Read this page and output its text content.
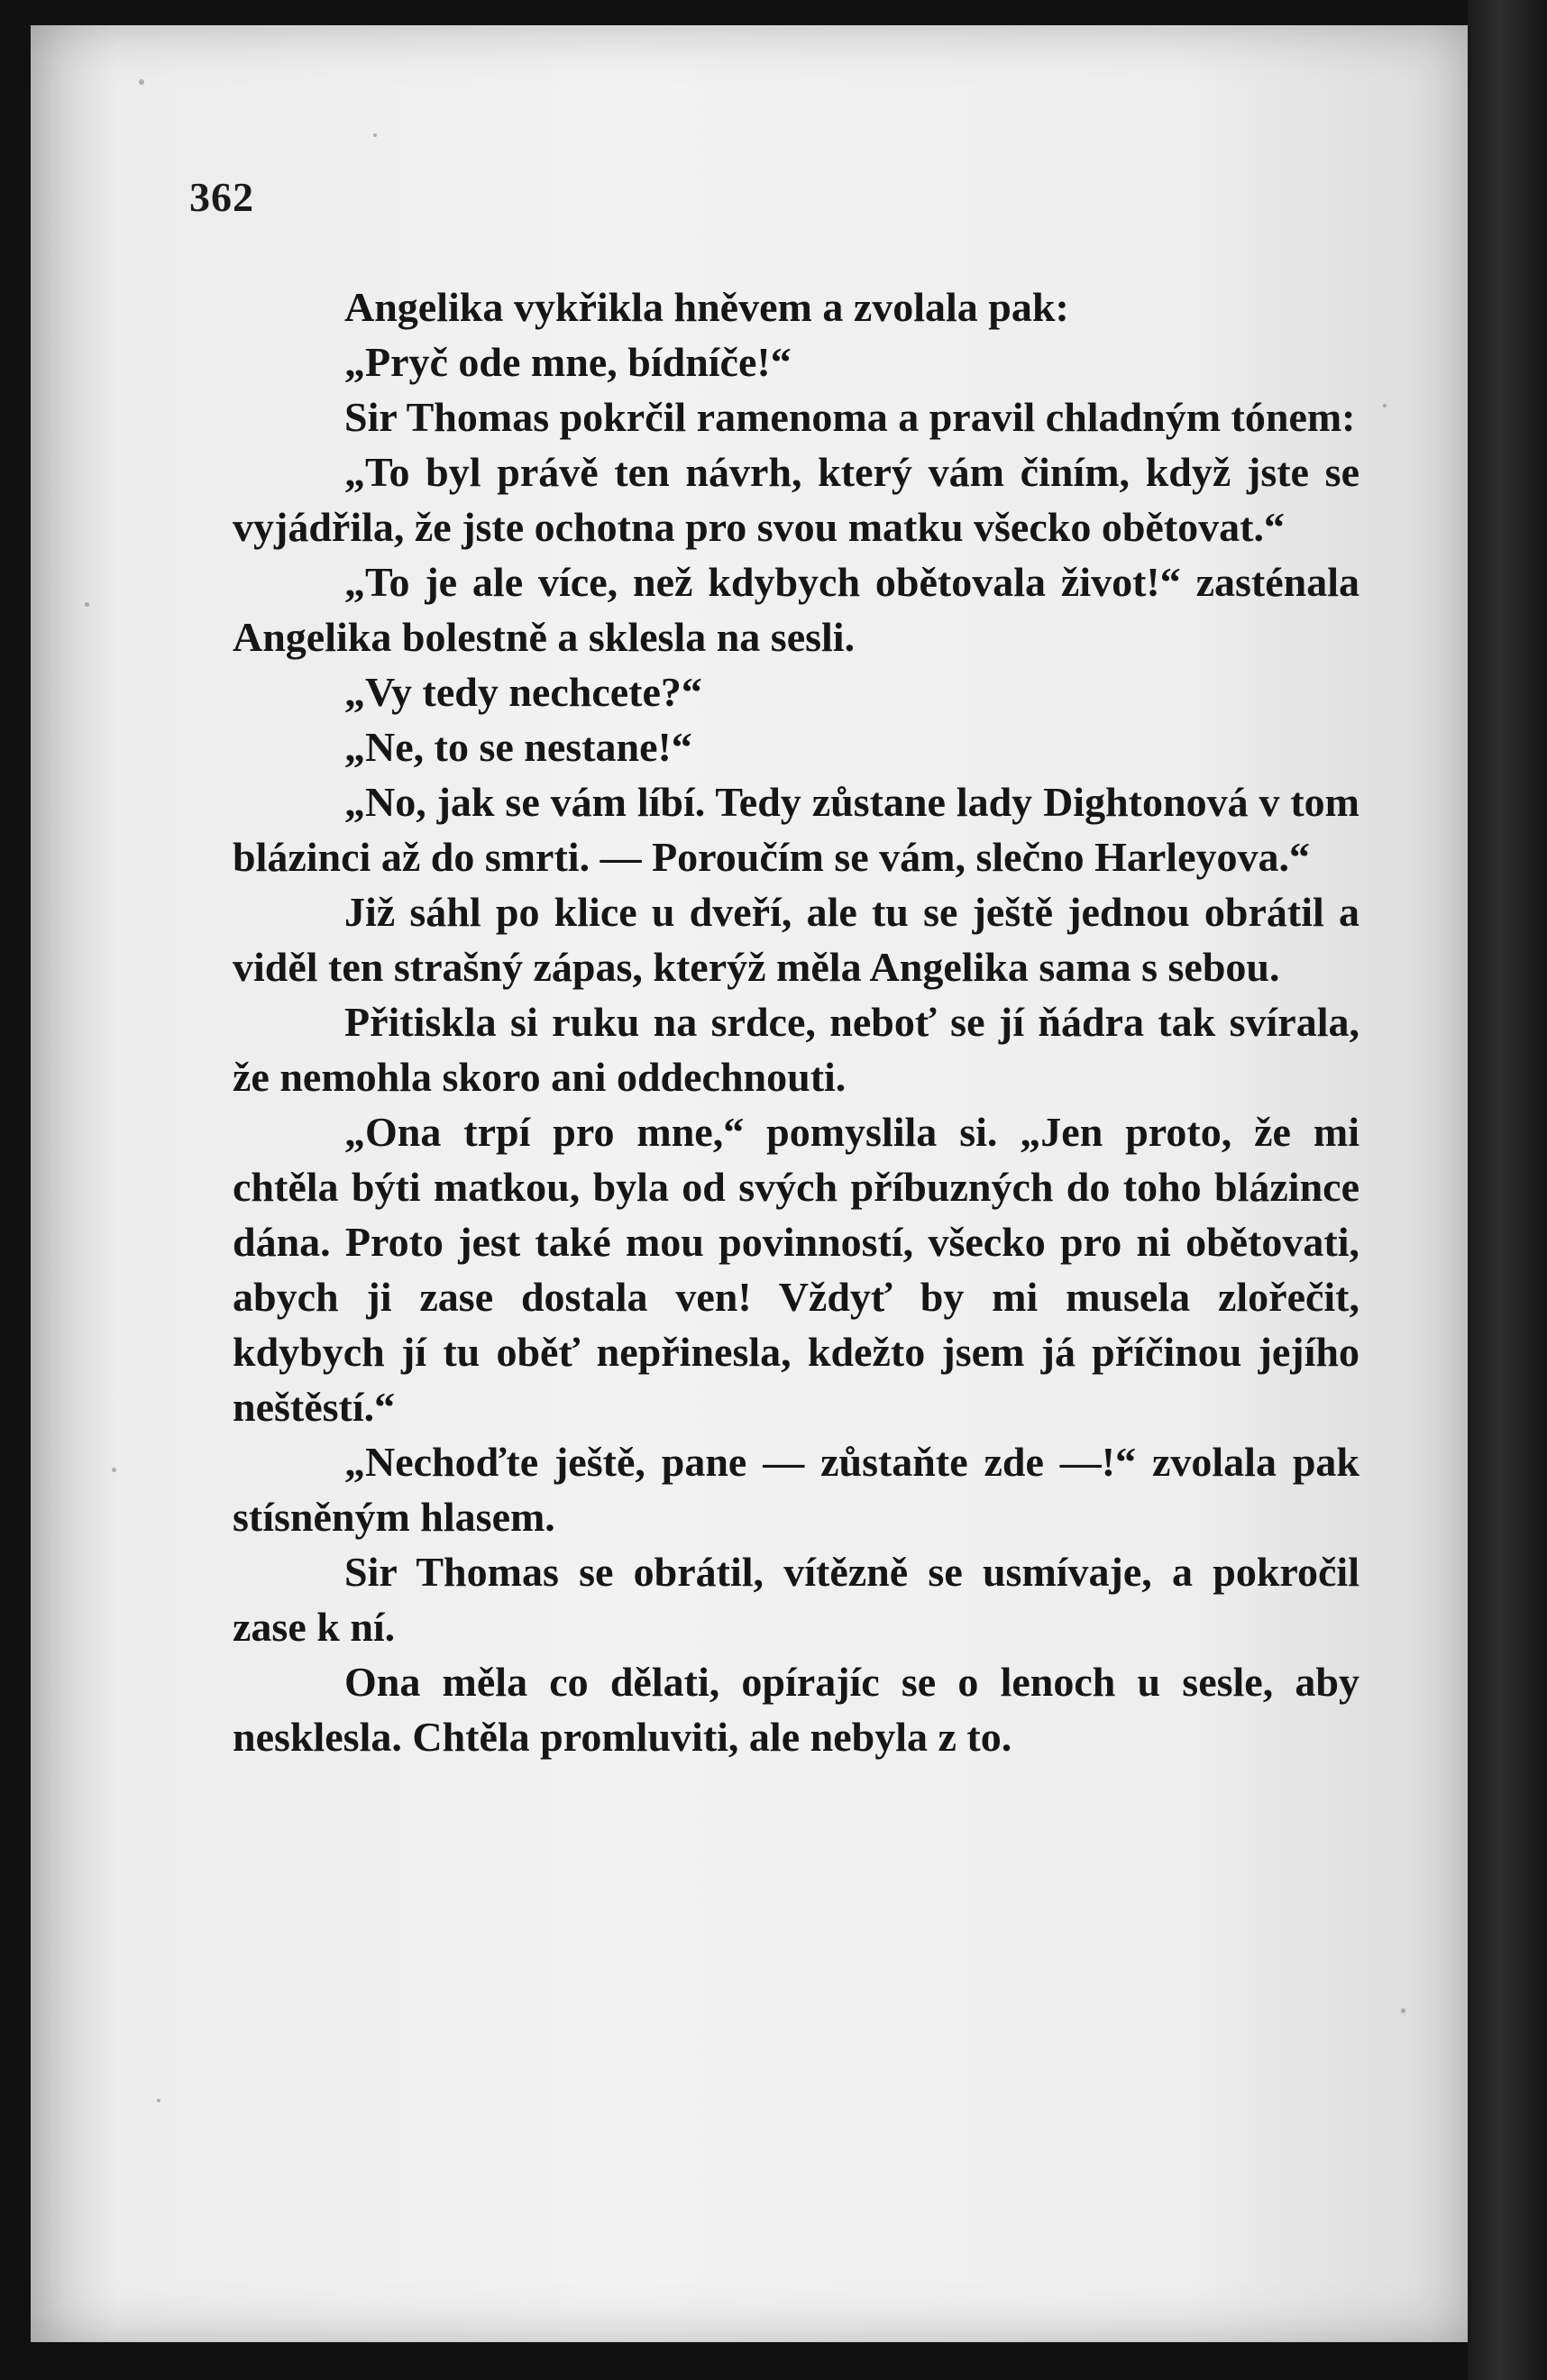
362

Angelika vykřikla hněvem a zvolala pak:

„Pryč ode mne, bídníče!“

Sir Thomas pokrčil ramenoma a pravil chladným tónem:

„To byl právě ten návrh, který vám činím, když jste se vyjádřila, že jste ochotna pro svou matku všecko obětovat.“

„To je ale více, než kdybych obětovala život!“ zasténala Angelika bolestně a sklesla na sesli.

„Vy tedy nechcete?“

„Ne, to se nestane!“

„No, jak se vám líbí. Tedy zůstane lady Dightonová v tom blázinci až do smrti. — Poroučím se vám, slečno Harleyova.“

Již sáhl po klice u dveří, ale tu se ještě jednou obrátil a viděl ten strašný zápas, kterýž měla Angelika sama s sebou.

Přitiskla si ruku na srdce, neboť se jí ňádra tak svírala, že nemohla skoro ani oddechnouti.

„Ona trpí pro mne,“ pomyslila si. „Jen proto, že mi chtěla býti matkou, byla od svých příbuzných do toho blázince dána. Proto jest také mou povinností, všecko pro ni obětovati, abych ji zase dostala ven! Vždyť by mi musela zlořečit, kdybych jí tu oběť nepřinesla, kdežto jsem já příčinou jejího neštěstí.“

„Nechoďte ještě, pane — zůstaňte zde —!“ zvolala pak stísněným hlasem.

Sir Thomas se obrátil, vítězně se usmívaje, a pokročil zase k ní.

Ona měla co dělati, opírajíc se o lenoch u sesle, aby nesklesla. Chtěla promluviti, ale nebyla z to.
